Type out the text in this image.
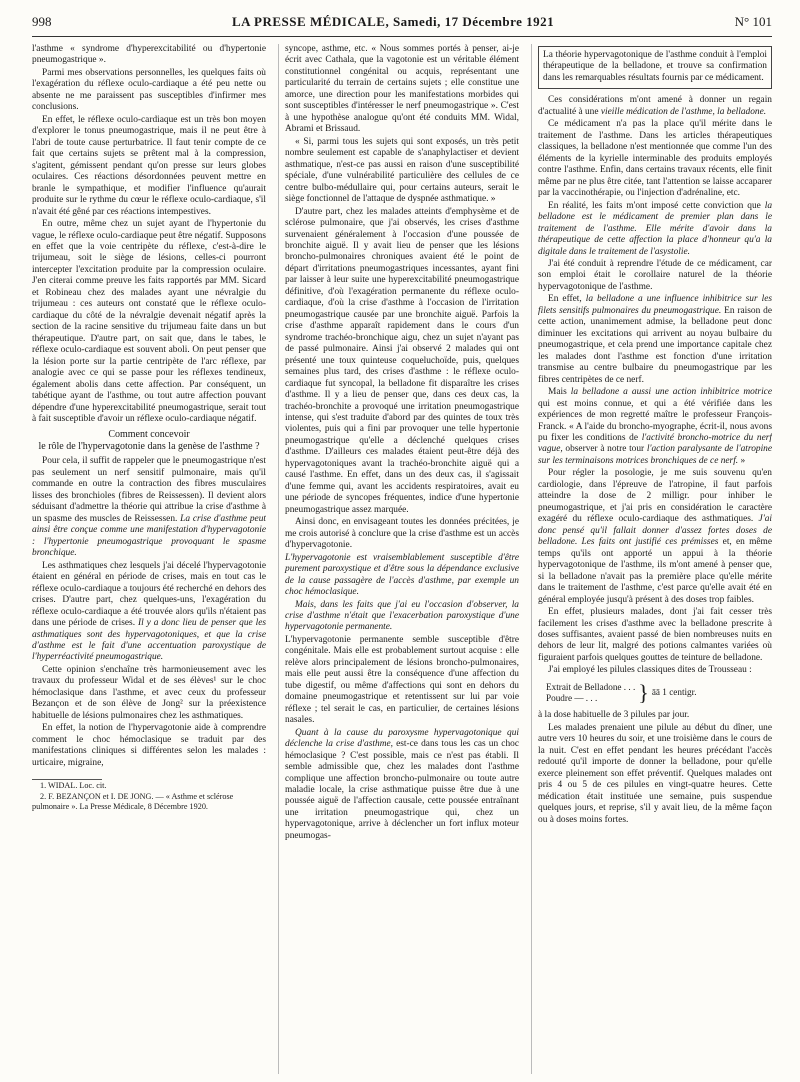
998	LA PRESSE MÉDICALE, Samedi, 17 Décembre 1921	N° 101

l'asthme « syndrome d'hyperexcitabilité ou d'hypertonie pneumogastrique ».

Parmi mes observations personnelles, les quelques faits où l'exagération du réflexe oculo-cardiaque a été peu nette ou absente ne me paraissent pas susceptibles d'infirmer mes conclusions.

En effet, le réflexe oculo-cardiaque est un très bon moyen d'explorer le tonus pneumogastrique, mais il ne peut être à l'abri de toute cause perturbatrice. Il faut tenir compte de ce fait que certains sujets se prêtent mal à la compression, s'agitent, gémissent pendant qu'on presse sur leurs globes oculaires. Ces réactions désordonnées peuvent mettre en branle le sympathique, et modifier l'influence qu'aurait produite sur le rythme du cœur le réflexe oculo-cardiaque, s'il n'avait été gêné par ces réactions intempestives.

En outre, même chez un sujet ayant de l'hypertonie du vague, le réflexe oculo-cardiaque peut être négatif. Supposons en effet que la voie centripète du réflexe, c'est-à-dire le trijumeau, soit le siège de lésions, celles-ci pourront intercepter l'excitation produite par la compression oculaire. J'en citerai comme preuve les faits rapportés par MM. Sicard et Robineau chez des malades ayant une névralgie du trijumeau : ces auteurs ont constaté que le réflexe oculo-cardiaque du côté de la névralgie devenait négatif après la section de la racine sensitive du trijumeau faite dans un but thérapeutique. D'autre part, on sait que, dans le tabes, le réflexe oculo-cardiaque est souvent aboli. On peut penser que la lésion porte sur la partie centripète de l'arc réflexe, par analogie avec ce qui se passe pour les réflexes tendineux, également abolis dans cette affection. Par conséquent, un tabétique ayant de l'asthme, ou tout autre affection pouvant dépendre d'une hyperexcitabilité pneumogastrique, serait tout à fait susceptible d'avoir un réflexe oculo-cardiaque négatif.

Comment concevoir
le rôle de l'hypervagotonie dans la genèse de l'asthme ?

Pour cela, il suffit de rappeler que le pneumogastrique n'est pas seulement un nerf sensitif pulmonaire, mais qu'il commande en outre la contraction des fibres musculaires lisses des bronchioles (fibres de Reissessen). Il devient alors séduisant d'admettre la théorie qui attribue la crise d'asthme à un spasme des muscles de Reissessen. La crise d'asthme peut ainsi être conçue comme une manifestation d'hypervagotonie : l'hypertonie pneumogastrique provoquant le spasme bronchique.

Les asthmatiques chez lesquels j'ai décelé l'hypervagotonie étaient en général en période de crises, mais en tout cas le réflexe oculo-cardiaque a toujours été recherché en dehors des crises. D'autre part, chez quelques-uns, l'exagération du réflexe oculo-cardiaque a été trouvée alors qu'ils n'étaient pas dans une période de crises. Il y a donc lieu de penser que les asthmatiques sont des hypervagotoniques, et que la crise d'asthme est le fait d'une accentuation paroxystique de l'hyperréactivité pneumogastrique.

Cette opinion s'enchaîne très harmonieusement avec les travaux du professeur Widal et de ses élèves¹ sur le choc hémoclasique dans l'asthme, et avec ceux du professeur Bezançon et de son élève de Jong² sur la préexistence habituelle de lésions pulmonaires chez les asthmatiques.

En effet, la notion de l'hypervagotonie aide à comprendre comment le choc hémoclasique se traduit par des manifestations cliniques si différentes selon les malades : urticaire, migraine,

1. WIDAL. Loc. cit.
2. F. BEZANÇON et I. DE JONG. — « Asthme et sclérose pulmonaire ». La Presse Médicale, 8 Décembre 1920.

syncope, asthme, etc. « Nous sommes portés à penser, ai-je écrit avec Cathala, que la vagotonie est un véritable élément constitutionnel congénital ou acquis, représentant une particularité du terrain de certains sujets ; elle constitue une amorce, une direction pour les manifestations morbides qui sont susceptibles d'intéresser le nerf pneumogastrique ». C'est à une hypothèse analogue qu'ont été conduits MM. Widal, Abrami et Brissaud.

« Si, parmi tous les sujets qui sont exposés, un très petit nombre seulement est capable de s'anaphylactiser et devient asthmatique, n'est-ce pas aussi en raison d'une susceptibilité spéciale, d'une vulnérabilité particulière des cellules de ce centre bulbo-médullaire qui, pour certains auteurs, serait le siège fonctionnel de l'attaque de dyspnée asthmatique. »

D'autre part, chez les malades atteints d'emphysème et de sclérose pulmonaire, que j'ai observés, les crises d'asthme survenaient généralement à l'occasion d'une poussée de bronchite aiguë. Il y avait lieu de penser que les lésions broncho-pulmonaires chroniques avaient été le point de départ d'irritations pneumogastriques incessantes, ayant fini par laisser à leur suite une hyperexcitabilité pneumogastrique définitive, d'où l'exagération permanente du réflexe oculo-cardiaque, d'où la crise d'asthme à l'occasion de l'irritation pneumogastrique causée par une bronchite aiguë. Parfois la crise d'asthme apparaît rapidement dans le cours d'un syndrome trachéo-bronchique aigu, chez un sujet n'ayant pas de passé pulmonaire. Ainsi j'ai observé 2 malades qui ont présenté une toux quinteuse coqueluchoïde, puis, quelques semaines plus tard, des crises d'asthme : le réflexe oculo-cardiaque fut syncopal, la belladone fit disparaître les crises d'asthme. Il y a lieu de penser que, dans ces deux cas, la trachéo-bronchite a provoqué une irritation pneumogastrique intense, qui s'est traduite d'abord par des quintes de toux très violentes, puis qui a fini par provoquer une telle hypertonie pneumogastrique qu'elle a déclenché quelques crises d'asthme. D'ailleurs ces malades étaient peut-être déjà des hypervagotoniques avant la trachéo-bronchite aiguë qui a causé l'asthme. En effet, dans un des deux cas, il s'agissait d'une femme qui, avant les accidents respiratoires, avait eu une période de syncopes fréquentes, indice d'une hypertonie pneumogastrique assez marquée.

Ainsi donc, en envisageant toutes les données précitées, je me crois autorisé à conclure que la crise d'asthme est un accès d'hypervagotonie.

L'hypervagotonie est vraisemblablement susceptible d'être purement paroxystique et d'être sous la dépendance exclusive de la cause passagère de l'accès d'asthme, par exemple un choc hémoclasique.

Mais, dans les faits que j'ai eu l'occasion d'observer, la crise d'asthme n'était que l'exacerbation paroxystique d'une hypervagotonie permanente.

L'hypervagotonie permanente semble susceptible d'être congénitale. Mais elle est probablement surtout acquise : elle relève alors principalement de lésions broncho-pulmonaires, mais elle peut aussi être la conséquence d'une affection du tube digestif, ou même d'affections qui sont en dehors du domaine pneumogastrique et retentissent sur lui par voie réflexe ; tel serait le cas, en particulier, de certaines lésions nasales.

Quant à la cause du paroxysme hypervagotonique qui déclenche la crise d'asthme, est-ce dans tous les cas un choc hémoclasique ? C'est possible, mais ce n'est pas établi. Il semble admissible que, chez les malades dont l'asthme complique une affection broncho-pulmonaire ou toute autre maladie locale, la crise asthmatique puisse être due à une poussée aiguë de l'affection causale, cette poussée entraînant une irritation pneumogastrique qui, chez un hypervagotonique, arrive à déclencher un fort influx moteur pneumogas-

La théorie hypervagotonique de l'asthme conduit à l'emploi thérapeutique de la belladone, et trouve sa confirmation dans les remarquables résultats fournis par ce médicament.

Ces considérations m'ont amené à donner un regain d'actualité à une vieille médication de l'asthme, la belladone.

Ce médicament n'a pas la place qu'il mérite dans le traitement de l'asthme. Dans les articles thérapeutiques classiques, la belladone n'est mentionnée que comme l'un des éléments de la kyrielle interminable des produits employés contre l'asthme. Enfin, dans certains travaux récents, elle finit même par ne plus être citée, tant l'attention se laisse accaparer par la vaccinothérapie, ou l'injection d'adrénaline, etc.

En réalité, les faits m'ont imposé cette conviction que la belladone est le médicament de premier plan dans le traitement de l'asthme. Elle mérite d'avoir dans la thérapeutique de cette affection la place d'honneur qu'a la digitale dans le traitement de l'asystolie.

J'ai été conduit à reprendre l'étude de ce médicament, car son emploi était le corollaire naturel de la théorie hypervagotonique de l'asthme.

En effet, la belladone a une influence inhibitrice sur les filets sensitifs pulmonaires du pneumogastrique. En raison de cette action, unanimement admise, la belladone peut donc diminuer les excitations qui arrivent au noyau bulbaire du pneumogastrique, et cela prend une importance capitale chez les malades dont l'asthme est fonction d'une irritation transmise au centre bulbaire du pneumogastrique par les fibres centripètes de ce nerf.

Mais la belladone a aussi une action inhibitrice motrice qui est moins connue, et qui a été vérifiée dans les expériences de mon regretté maître le professeur François-Franck. « A l'aide du broncho-myographe, écrit-il, nous avons pu fixer les conditions de l'activité broncho-motrice du nerf vague, observer à notre tour l'action paralysante de l'atropine sur les terminaisons motrices bronchiques de ce nerf. »

Pour régler la posologie, je me suis souvenu qu'en cardiologie, dans l'épreuve de l'atropine, il faut parfois atteindre la dose de 2 milligr. pour inhiber le pneumogastrique, et j'ai pris en considération le caractère exagéré du réflexe oculo-cardiaque des asthmatiques. J'ai donc pensé qu'il fallait donner d'assez fortes doses de belladone. Les faits ont justifié ces prémisses et, en même temps qu'ils ont apporté un appui à la théorie hypervagotonique de l'asthme, ils m'ont amené à penser que, si la belladone n'avait pas la première place qu'elle mérite dans le traitement de l'asthme, c'est parce qu'elle avait été en général employée jusqu'à présent à des doses trop faibles.

En effet, plusieurs malades, dont j'ai fait cesser très facilement les crises d'asthme avec la belladone prescrite à doses suffisantes, avaient passé de bien nombreuses nuits en dehors de leur lit, malgré des potions calmantes variées où figuraient parfois quelques gouttes de teinture de belladone.

J'ai employé les pilules classiques dites de Trousseau :

Extrait de Belladone . . .
Poudre — . . .	} āā 1 centigr.

à la dose habituelle de 3 pilules par jour.

Les malades prenaient une pilule au début du dîner, une autre vers 10 heures du soir, et une troisième dans le cours de la nuit. C'est en effet pendant les heures précédant l'accès redouté qu'il importe de donner la belladone, pour qu'elle exerce pleinement son effet préventif. Quelques malades ont pris 4 ou 5 de ces pilules en vingt-quatre heures. Cette médication était instituée une semaine, puis suspendue quelques jours, et reprise, s'il y avait lieu, de la même façon ou à doses moins fortes.
